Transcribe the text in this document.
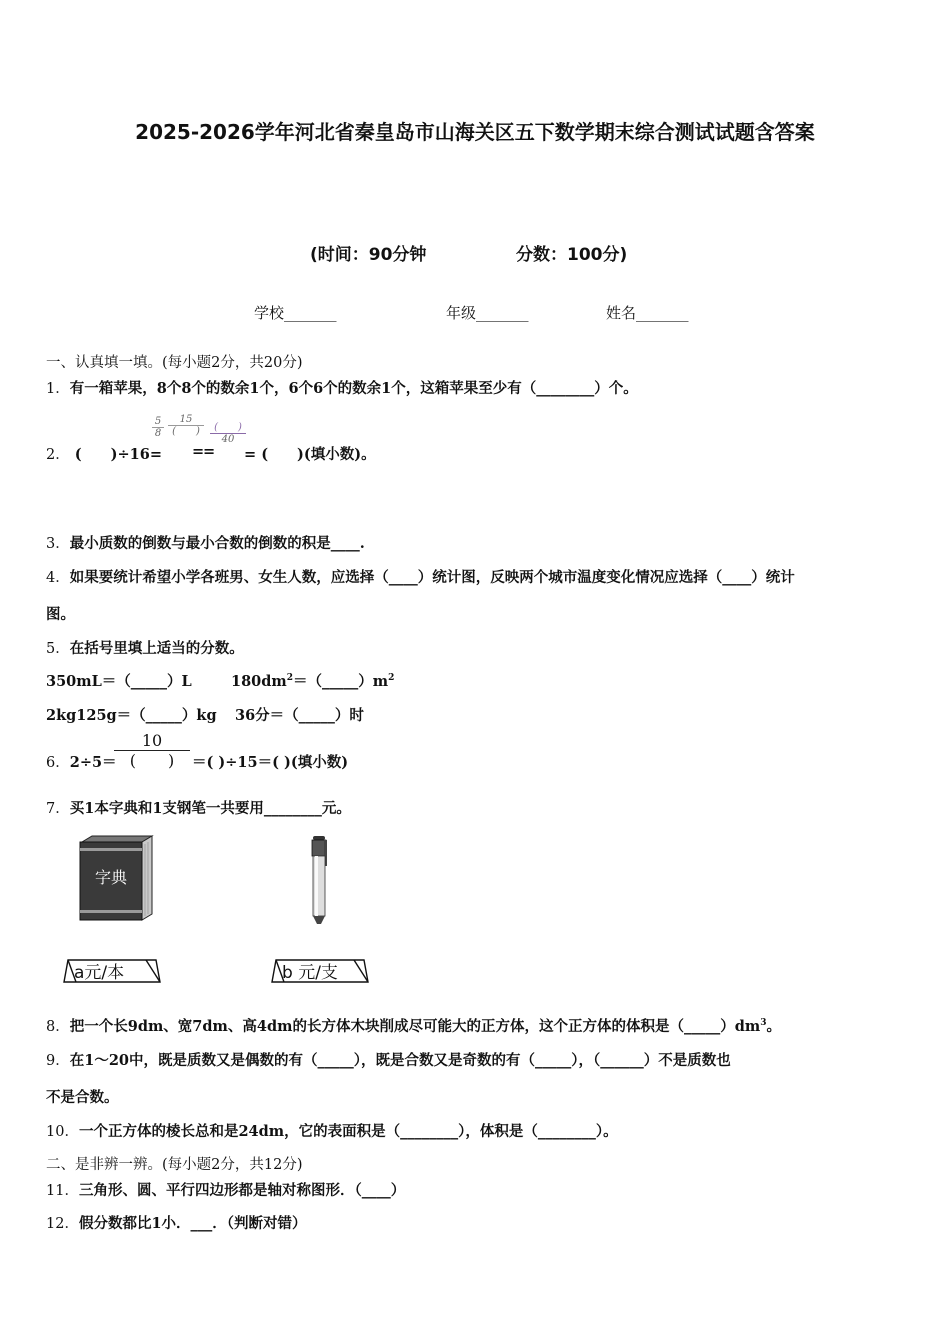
2025-2026学年河北省秦皇岛市山海关区五下数学期末综合测试试题含答案
(时间：90分钟	分数：100分)
学校_______	年级_______	姓名_______
一、认真填一填。(每小题2分，共20分)
1．有一箱苹果，8个8个的数余1个，6个6个的数余1个，这箱苹果至少有（________）个。
2． (　　)÷16= =
= = (　　)(填小数)。
$\frac{5}{8}$	15
(　　)	(　　)
40
3．最小质数的倒数与最小合数的倒数的积是____.
4．如果要统计希望小学各班男、女生人数，应选择（____）统计图，反映两个城市温度变化情况应选择（____）统计
图。
5．在括号里填上适当的分数。
350mL＝（_____）L	$180dm^2=(\_\_\_\_\_)m^2$
2kg125g＝（_____）kg 36分＝（_____）时
6．2÷5＝
10
(　　)	＝( )÷15＝( )(填小数)
7．买1本字典和1支钢笔一共要用________元。
字典
a元/本	b 元/支
8．把一个长9dm、宽7dm、高4dm的长方体木块削成尽可能大的正方体，这个正方体的体积是$(\_\_\_\_\_)dm^3$。
9．在1～20中，既是质数又是偶数的有（_____），既是合数又是奇数的有（_____），（______）不是质数也
不是合数。
10．一个正方体的棱长总和是24dm，它的表面积是（________），体积是（________）。
二、是非辨一辨。(每小题2分，共12分)
11．三角形、圆、平行四边形都是轴对称图形．（____）
12．假分数都比1小．___．（判断对错）
